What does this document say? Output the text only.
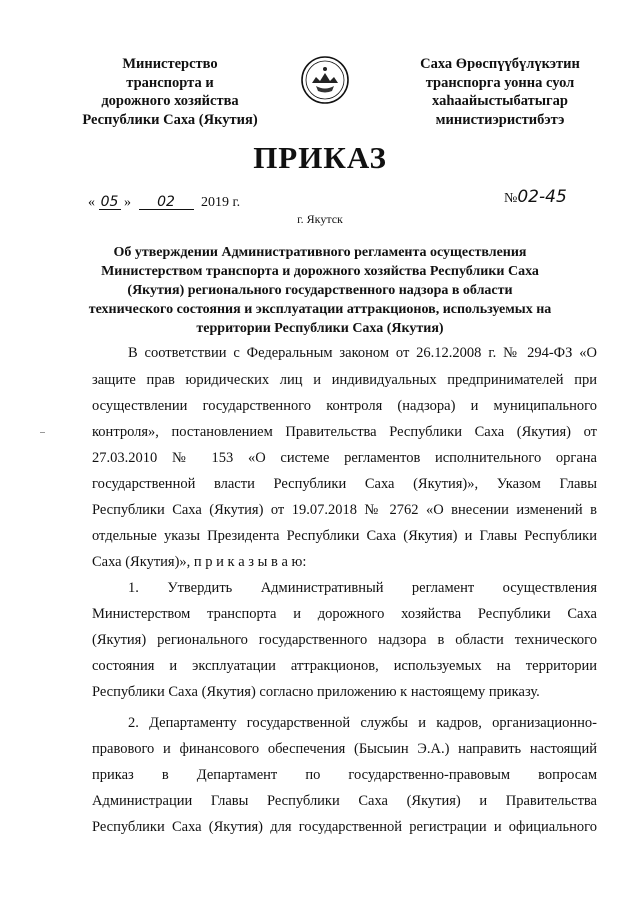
Министерство
транспорта и
дорожного хозяйства
Республики Саха (Якутия)
Саха Өрөспүүбүлүкэтин
транспорга уонна суол
хаһаайыстыбатыгар
министиэристибэтэ
ПРИКАЗ
« 05 » 02 2019 г.	№02-45
г. Якутск
Об утверждении Административного регламента осуществления
Министерством транспорта и дорожного хозяйства Республики Саха
(Якутия) регионального государственного надзора в области
технического состояния и эксплуатации аттракционов, используемых на
территории Республики Саха (Якутия)
В соответствии с Федеральным законом от 26.12.2008 г. № 294-ФЗ «О
защите прав юридических лиц и индивидуальных предпринимателей при
осуществлении государственного контроля (надзора) и муниципального
контроля», постановлением Правительства Республики Саха (Якутия) от
27.03.2010 № 153 «О системе регламентов исполнительного органа
государственной власти Республики Саха (Якутия)», Указом Главы
Республики Саха (Якутия) от 19.07.2018 № 2762 «О внесении изменений в
отдельные указы Президента Республики Саха (Якутия) и Главы Республики
Саха (Якутия)», п р и к а з ы в а ю:
1. Утвердить Административный регламент осуществления
Министерством транспорта и дорожного хозяйства Республики Саха
(Якутия) регионального государственного надзора в области технического
состояния и эксплуатации аттракционов, используемых на территории
Республики Саха (Якутия) согласно приложению к настоящему приказу.
2. Департаменту государственной службы и кадров, организационно-
правового и финансового обеспечения (Бысыин Э.А.) направить настоящий
приказ в Департамент по государственно-правовым вопросам
Администрации Главы Республики Саха (Якутия) и Правительства
Республики Саха (Якутия) для государственной регистрации и официального
